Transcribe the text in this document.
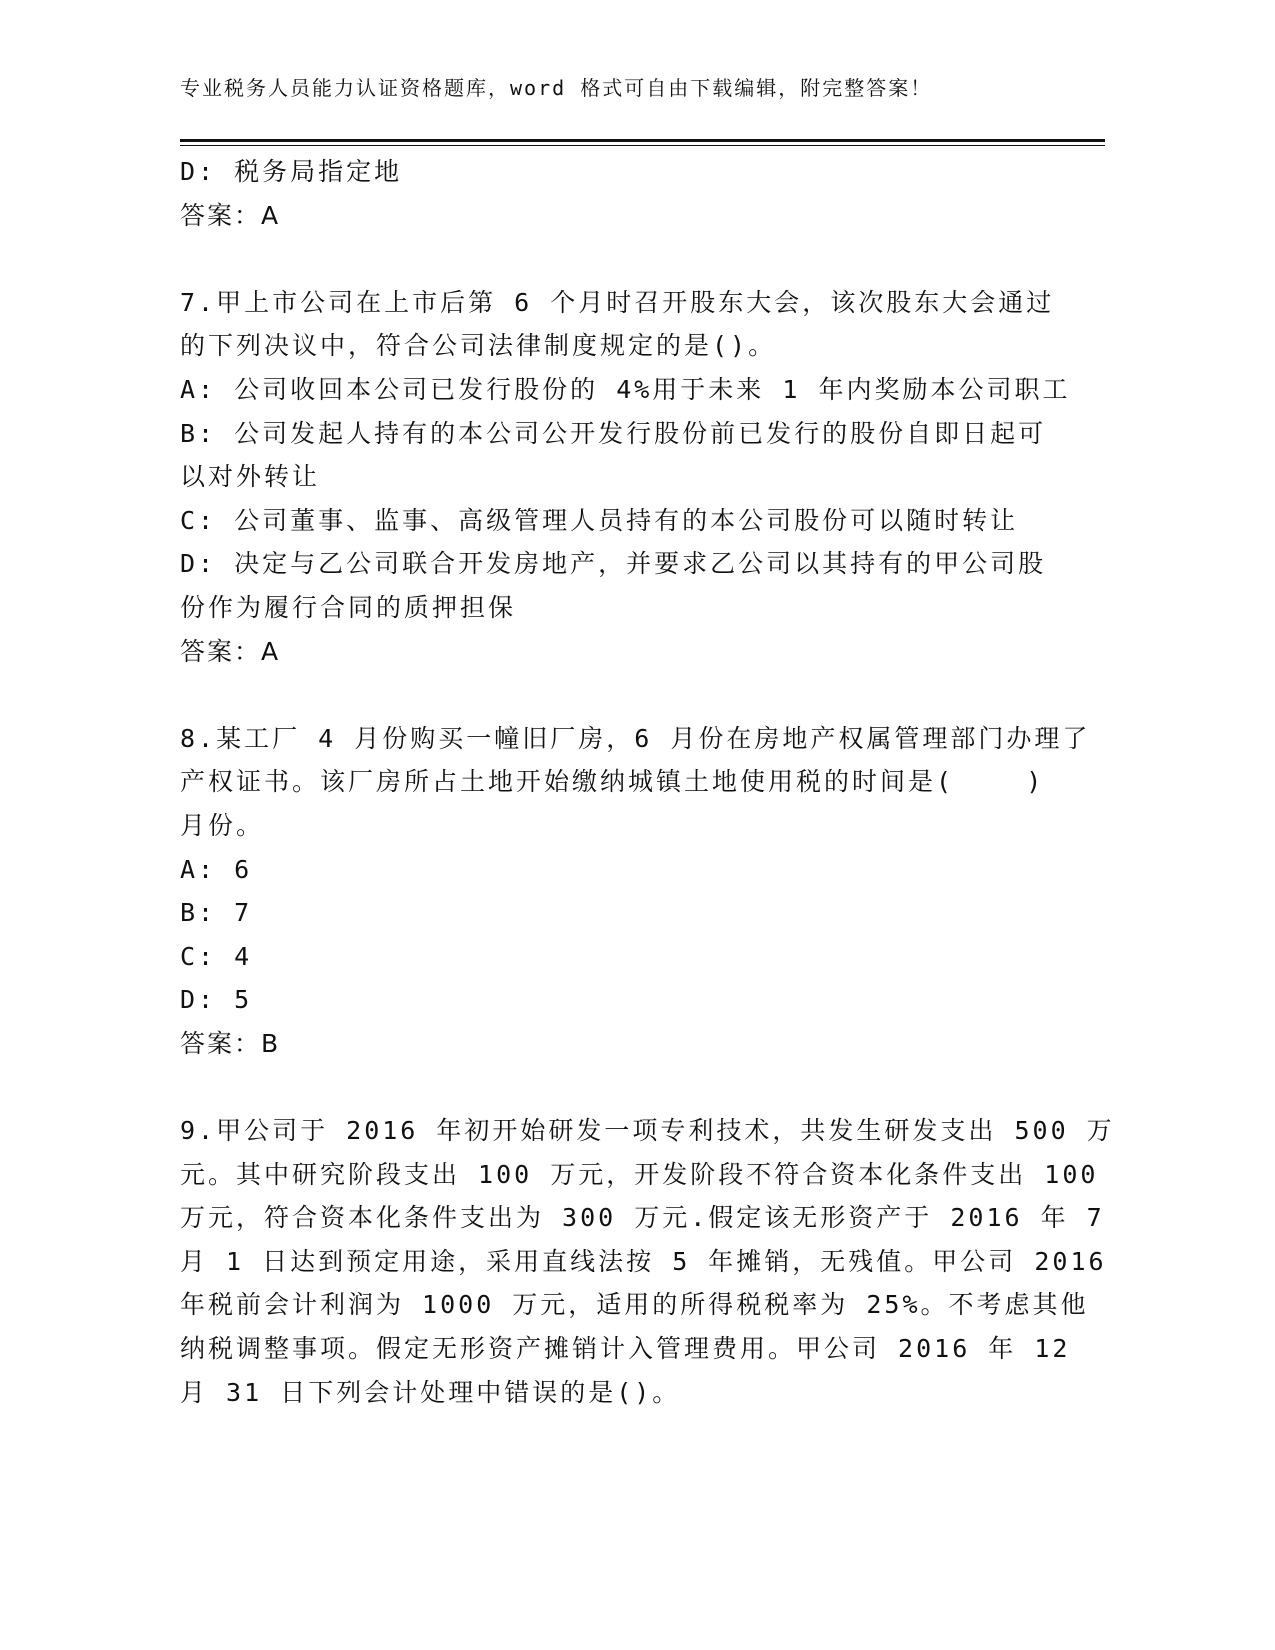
专业税务人员能力认证资格题库，word 格式可自由下载编辑，附完整答案！

D: 税务局指定地

答案：A

7.甲上市公司在上市后第 6 个月时召开股东大会，该次股东大会通过

的下列决议中，符合公司法律制度规定的是()。

A: 公司收回本公司已发行股份的 4%用于未来 1 年内奖励本公司职工

B: 公司发起人持有的本公司公开发行股份前已发行的股份自即日起可

以对外转让

C: 公司董事、监事、高级管理人员持有的本公司股份可以随时转让

D: 决定与乙公司联合开发房地产，并要求乙公司以其持有的甲公司股

份作为履行合同的质押担保

答案：A

8.某工厂 4 月份购买一幢旧厂房，6 月份在房地产权属管理部门办理了

产权证书。该厂房所占土地开始缴纳城镇土地使用税的时间是(    )

月份。

A: 6

B: 7

C: 4

D: 5

答案：B

9.甲公司于 2016 年初开始研发一项专利技术，共发生研发支出 500 万

元。其中研究阶段支出 100 万元，开发阶段不符合资本化条件支出 100

万元，符合资本化条件支出为 300 万元.假定该无形资产于 2016 年 7

月 1 日达到预定用途，采用直线法按 5 年摊销，无残值。甲公司 2016

年税前会计利润为 1000 万元，适用的所得税税率为 25%。不考虑其他

纳税调整事项。假定无形资产摊销计入管理费用。甲公司 2016 年 12

月 31 日下列会计处理中错误的是()。
